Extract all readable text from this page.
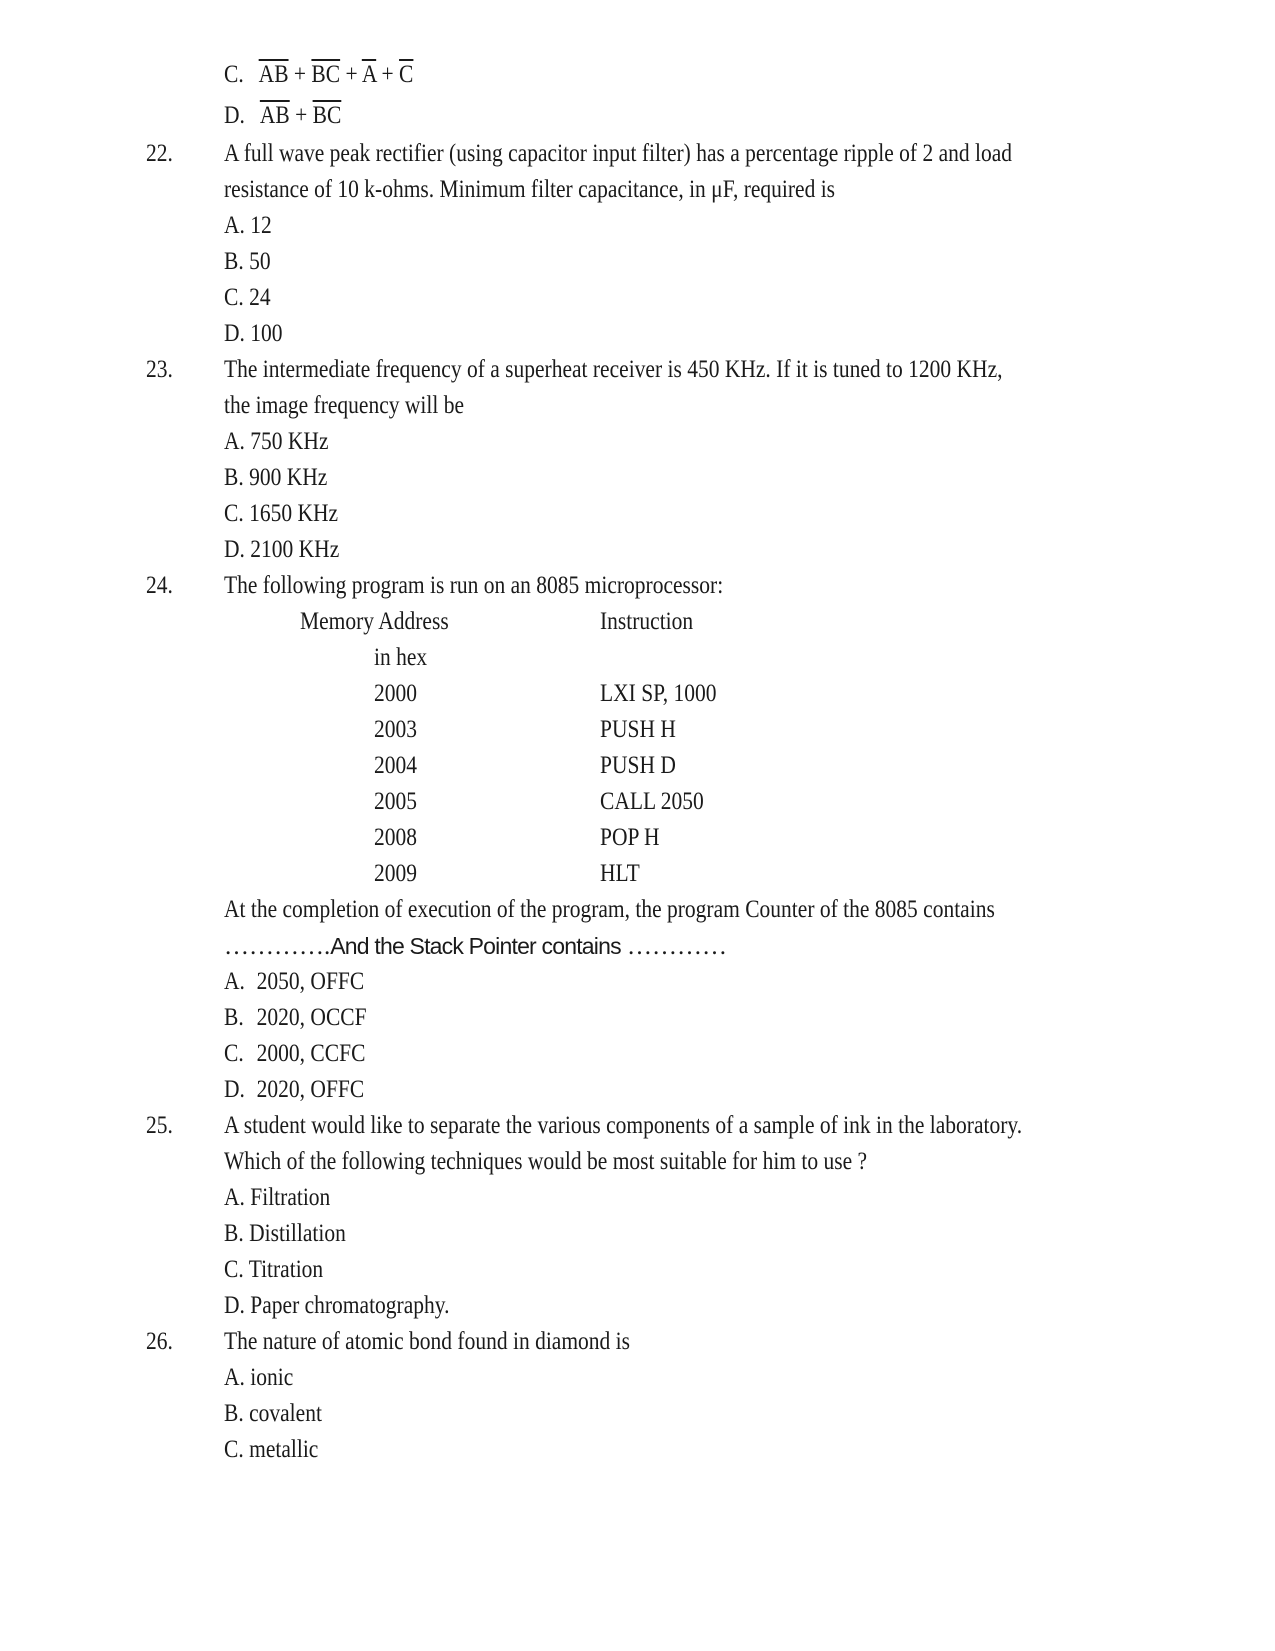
C. $\overline{AB} + \overline{BC} + \overline{A} + \overline{C}$
D. $\overline{AB} + \overline{BC}$
22. A full wave peak rectifier (using capacitor input filter) has a percentage ripple of 2 and load
resistance of 10 k-ohms. Minimum filter capacitance, in μF, required is
A. 12
B. 50
C. 24
D. 100
23. The intermediate frequency of a superheat receiver is 450 KHz. If it is tuned to 1200 KHz,
the image frequency will be
A. 750 KHz
B. 900 KHz
C. 1650 KHz
D. 2100 KHz
24. The following program is run on an 8085 microprocessor:
Memory Address	Instruction
in hex
2000	LXI SP, 1000
2003	PUSH H
2004	PUSH D
2005	CALL 2050
2008	POP H
2009	HLT
At the completion of execution of the program, the program Counter of the 8085 contains
………….And the Stack Pointer contains …………
A. 2050, OFFC
B. 2020, OCCF
C. 2000, CCFC
D. 2020, OFFC
25. A student would like to separate the various components of a sample of ink in the laboratory.
Which of the following techniques would be most suitable for him to use ?
A. Filtration
B. Distillation
C. Titration
D. Paper chromatography.
26. The nature of atomic bond found in diamond is
A. ionic
B. covalent
C. metallic
